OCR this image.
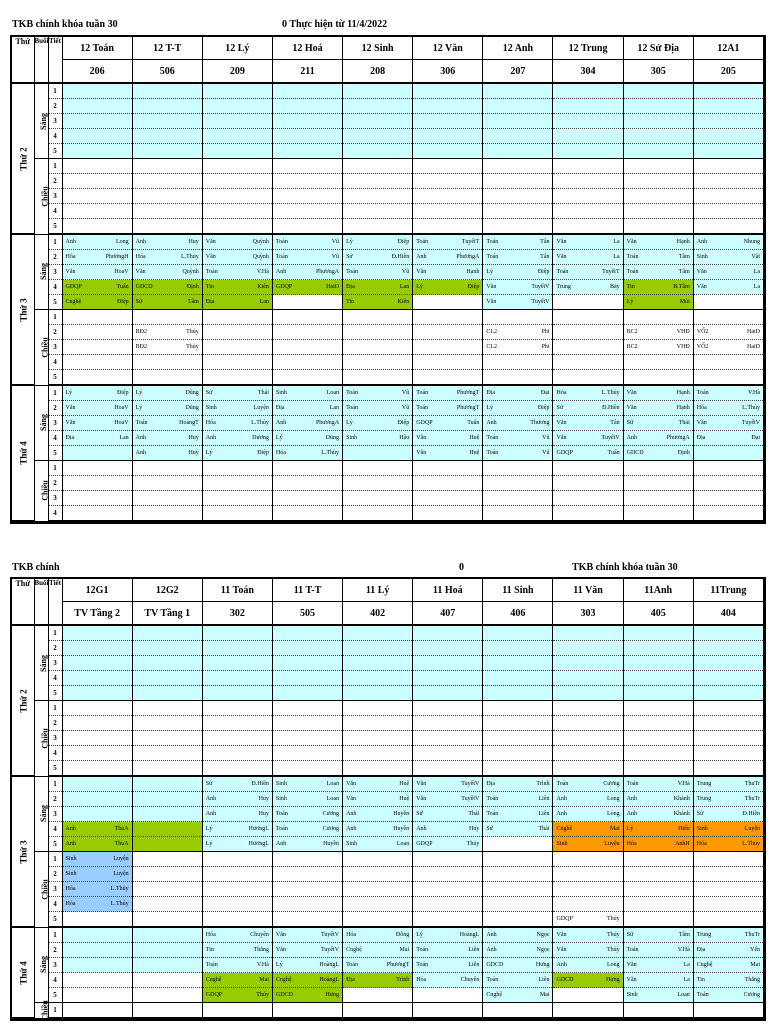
TKB chính khóa tuần 30	0 Thực hiện từ 11/4/2022
Thứ	Buổi	Tiết	12 Toán	12 T-T	12 Lý	12 Hoá	12 Sinh	12 Văn	12 Anh	12 Trung	12 Sử Địa	12A1
			206	506	209	211	208	306	207	304	305	205
Thứ 2	Sáng	1	

		2	

		3	

		4	

		5	

	Chiều	1	

		2	

		3	

		4	

		5	

Thứ 3	Sáng	1	Anh Long	Anh Huy	Văn Quỳnh	Toán Vũ	Lý Điệp	Toán TuyếtT	Toán Tân	Văn La	Văn Hạnh	Anh Nhung

		2	Hóa PhươngH	Hóa L.Thủy	Văn Quỳnh	Toán Vũ	Sử Đ.Hiền	Anh PhươngA	Toán Tân	Văn La	Toán Tâm	Sinh Vật

		3	Văn HoaV	Văn Quỳnh	Toán V.Hà	Anh PhươngA	Toán Vũ	Văn Hạnh	Lý Điệp	Toán TuyếtT	Toán Tâm	Văn La

		4	GDQP Tuấn	GDCD Định	Tin Kiên	GDQP HaiD	Địa Lan	Lý Điệp	Văn TuyếtV	Trung Bảy	Tin B.Tâm	Văn La

		5	Cnghệ Điệp	Sử Tâm	Địa Lan		Tin Kiên		Văn TuyếtV		Lý Mùi	

	Chiều	1	

		2		BĐ2 Thủy					CL2 Phi		BC2 VHĐ	VỐ2 HaiD

		3		BĐ2 Thủy					CL2 Phi		BC2 VHĐ	VỐ2 HaiD

		4	

		5	

Thứ 4	Sáng	1	Lý Điệp	Lý Dũng	Sử Thái	Sinh Loan	Toán Vũ	Toán PhươngT	Địa Đại	Hóa L.Thủy	Văn Hạnh	Toán V.Hà

		2	Văn HoaV	Lý Dũng	Sinh Luyện	Địa Lan	Toán Vũ	Toán PhươngT	Lý Điệp	Sử Đ.Hiền	Văn Hạnh	Hóa L.Thủy

		3	Văn HoaV	Toán HoàngT	Hóa L.Thủy	Anh PhươngA	Lý Điệp	GDQP Tuấn	Anh Thương	Văn Tân	Sử Thái	Văn TuyếtV

		4	Địa Lan	Anh Huy	Anh Dương	Lý Dũng	Sinh Hậu	Văn Huệ	Toán Vũ	Văn TuyếtV	Anh PhươngA	Địa Đại

		5		Anh Huy	Lý Điệp	Hóa L.Thủy		Văn Huệ	Toán Vũ	GDQP Tuấn	GDCD Định	

	Chiều	1	

		2	

		3	

		4	

TKB chính	0	TKB chính khóa tuần 30
Thứ	Buổi	Tiết	12G1	12G2	11 Toán	11 T-T	11 Lý	11 Hoá	11 Sinh	11 Văn	11Anh	11Trung
			TV Tầng 2	TV Tầng 1	302	505	402	407	406	303	405	404
Thứ 2	Sáng	1	

		2	

		3	

		4	

		5	

	Chiều	1	

		2	

		3	

		4	

		5	

Thứ 3	Sáng	1			Sử Đ.Hiền	Sinh Loan	Văn Huệ	Văn TuyếtV	Địa Trình	Toán Cương	Toán V.Hà	Trung ThuTr

		2			Anh Huy	Sinh Loan	Văn Huệ	Văn TuyếtV	Toán Liên	Anh Long	Anh Khánh	Trung ThuTr

		3			Anh Huy	Toán Cương	Anh Huyền	Sử Thái	Toán Liên	Anh Long	Anh Khánh	Sử Đ.Hiền

		4	Anh ThuA		Lý HươngL	Toán Cương	Anh Huyền	Anh Huy	Sử Thái	Cnghệ Mai	Lý Hiếu	Sinh Luyện

		5	Anh ThuA		Lý HươngL	Anh Huyền	Sinh Loan	GDQP Thủy		Sinh Luyện	Hóa AnhH	Hóa L.Thủy

	Chiều	1	Sinh Luyện									

		2	Sinh Luyện									

		3	Hóa L.Thủy									

		4	Hóa L.Thủy									

		5								GDQP Thủy		

Thứ 4	Sáng	1			Hóa Chuyên	Văn TuyếtV	Hóa Đông	Lý HoàngL	Anh Ngọc	Văn Thủy	Sử Tâm	Trung ThuTr

		2			Tin Thắng	Văn TuyếtV	Cnghệ Mai	Toán Liên	Anh Ngọc	Văn Thủy	Toán V.Hà	Địa Yến

		3			Toán V.Hà	Lý HoàngL	Toán PhươngT	Toán Liên	GDCD Hưng	Anh Long	Văn La	Cnghệ Mai

		4			Cnghệ Mai	Cnghệ HoàngL	Địa Trình	Hóa Chuyên	Toán Liên	GDCD Hưng	Văn La	Tin Thắng

		5			GDQP Thủy	GDCD Hưng			Cnghệ Mai		Sinh Loan	Toán Cương

	Chiều	1	
